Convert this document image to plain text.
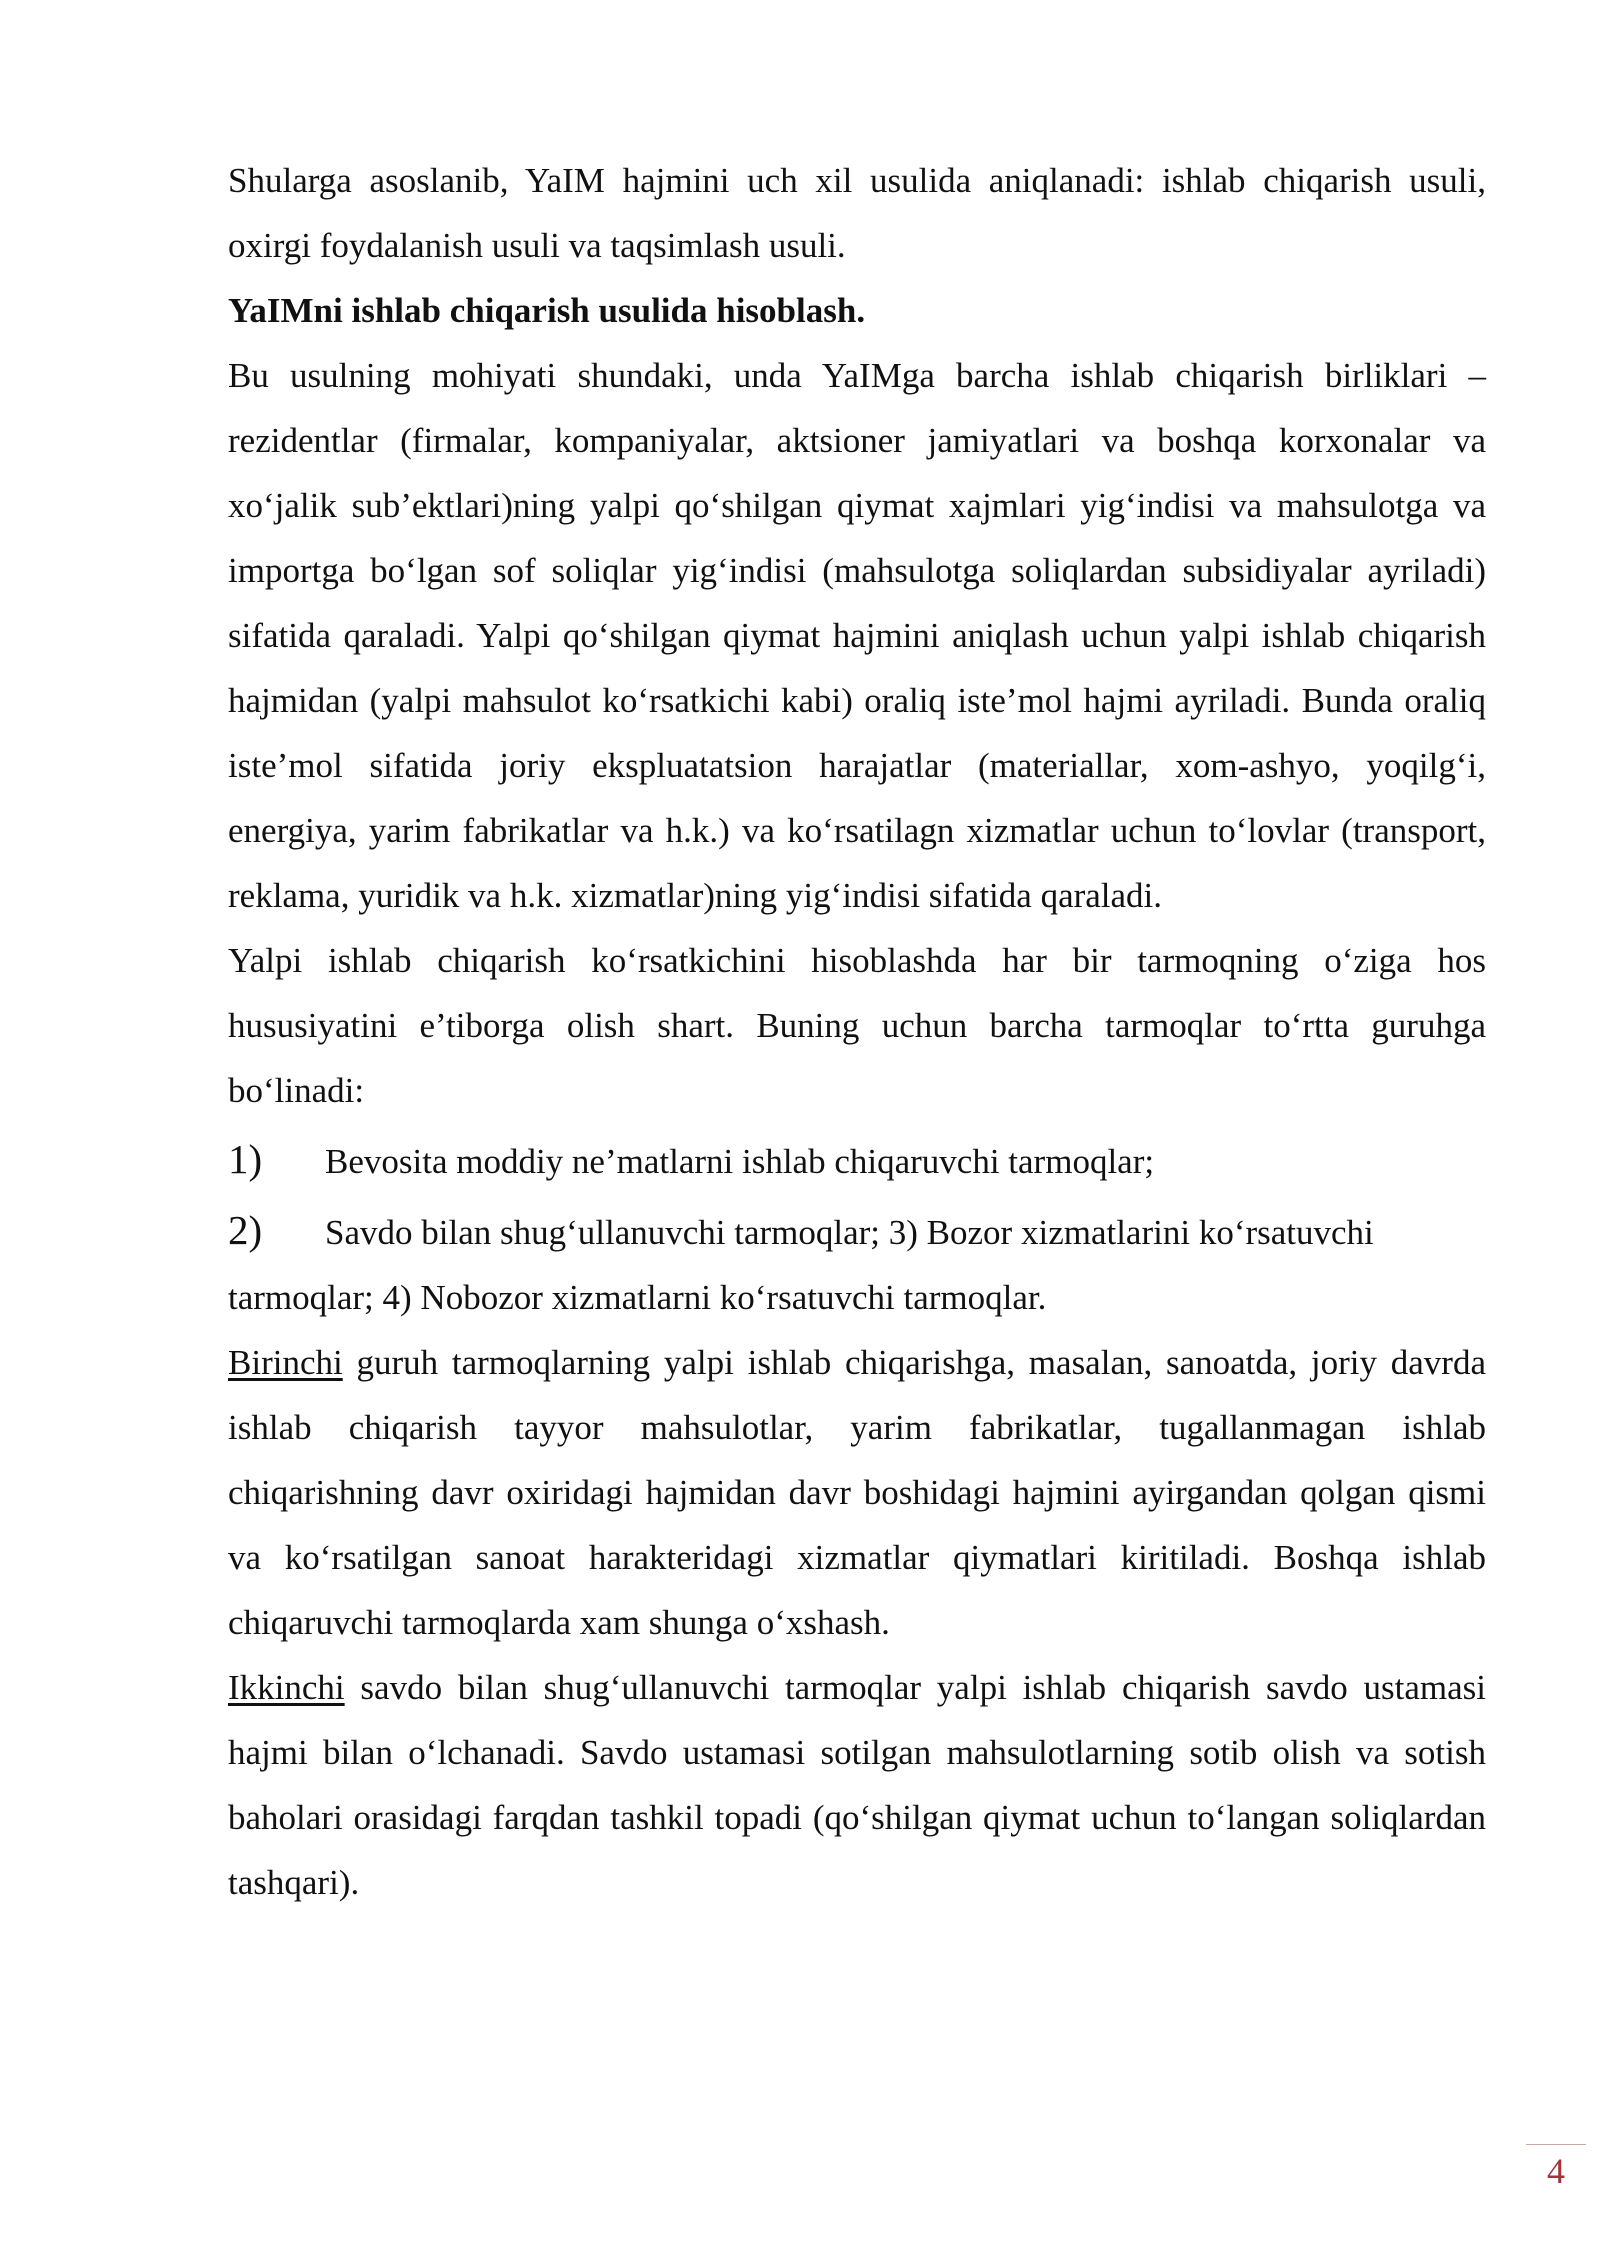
Shularga asoslanib, YaIM hajmini uch xil usulida aniqlanadi: ishlab chiqarish usuli, oxirgi foydalanish usuli va taqsimlash usuli.

YaIMni ishlab chiqarish usulida hisoblash.

Bu usulning mohiyati shundaki, unda YaIMga barcha ishlab chiqarish birliklari – rezidentlar (firmalar, kompaniyalar, aktsioner jamiyatlari va boshqa korxonalar va xo‘jalik sub’ektlari)ning yalpi qo‘shilgan qiymat xajmlari yig‘indisi va mahsulotga va importga bo‘lgan sof soliqlar yig‘indisi (mahsulotga soliqlardan subsidiyalar ayriladi) sifatida qaraladi. Yalpi qo‘shilgan qiymat hajmini aniqlash uchun yalpi ishlab chiqarish hajmidan (yalpi mahsulot ko‘rsatkichi kabi) oraliq iste’mol hajmi ayriladi. Bunda oraliq iste’mol sifatida joriy ekspluatatsion harajatlar (materiallar, xom-ashyo, yoqilg‘i, energiya, yarim fabrikatlar va h.k.) va ko‘rsatilagn xizmatlar uchun to‘lovlar (transport, reklama, yuridik va h.k. xizmatlar)ning yig‘indisi sifatida qaraladi.

Yalpi ishlab chiqarish ko‘rsatkichini hisoblashda har bir tarmoqning o‘ziga hos hususiyatini e’tiborga olish shart. Buning uchun barcha tarmoqlar to‘rtta guruhga bo‘linadi:

1)	Bevosita moddiy ne’matlarni ishlab chiqaruvchi tarmoqlar;

2)	Savdo bilan shug‘ullanuvchi tarmoqlar; 3) Bozor xizmatlarini ko‘rsatuvchi

tarmoqlar; 4) Nobozor xizmatlarni ko‘rsatuvchi tarmoqlar.

Birinchi guruh tarmoqlarning yalpi ishlab chiqarishga, masalan, sanoatda, joriy davrda ishlab chiqarish tayyor mahsulotlar, yarim fabrikatlar, tugallanmagan ishlab chiqarishning davr oxiridagi hajmidan davr boshidagi hajmini ayirgandan qolgan qismi va ko‘rsatilgan sanoat harakteridagi xizmatlar qiymatlari kiritiladi. Boshqa ishlab chiqaruvchi tarmoqlarda xam shunga o‘xshash.

Ikkinchi savdo bilan shug‘ullanuvchi tarmoqlar yalpi ishlab chiqarish savdo ustamasi hajmi bilan o‘lchanadi. Savdo ustamasi sotilgan mahsulotlarning sotib olish va sotish baholari orasidagi farqdan tashkil topadi (qo‘shilgan qiymat uchun to‘langan soliqlardan tashqari).

4
